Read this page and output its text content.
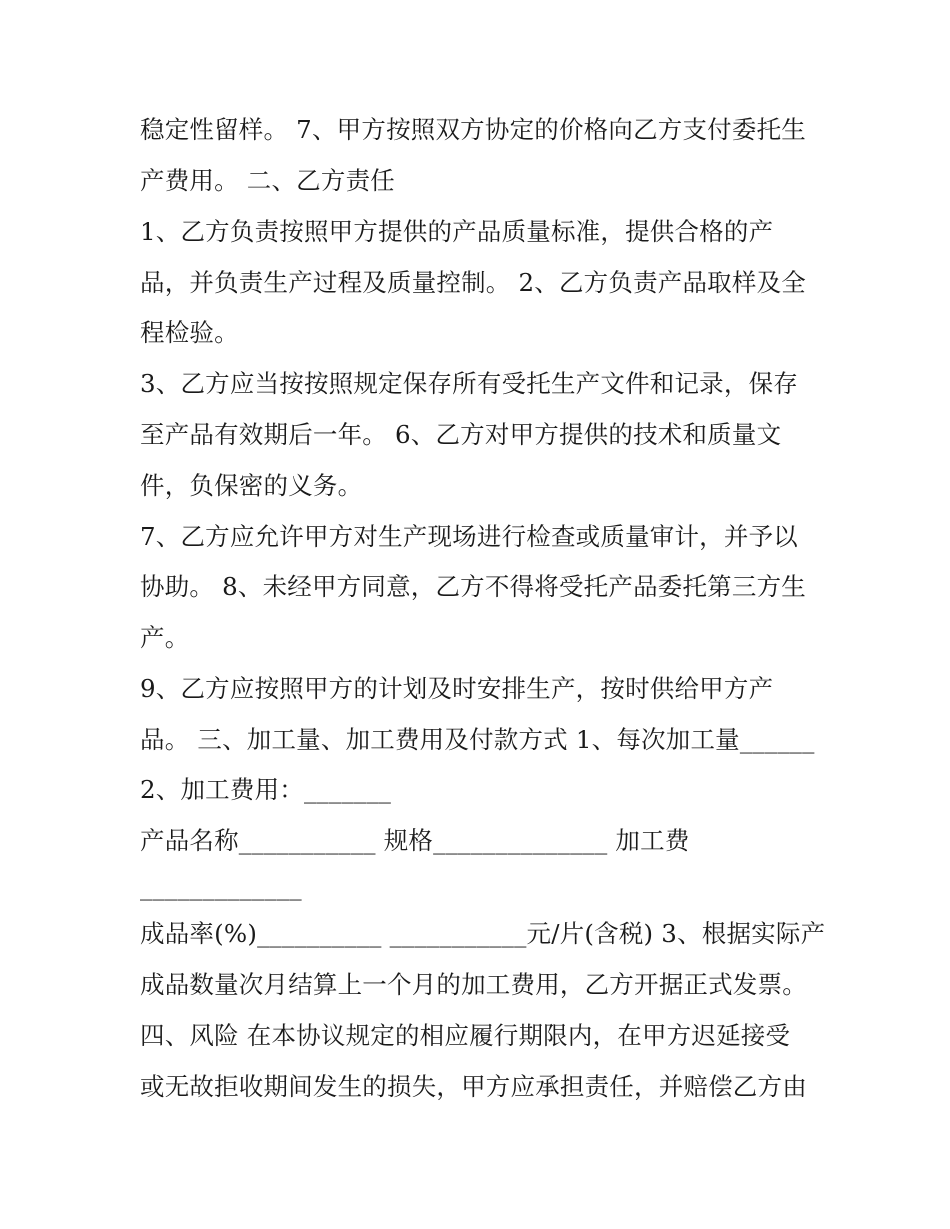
稳定性留样。 7、甲方按照双方协定的价格向乙方支付委托生
产费用。 二、乙方责任
1、乙方负责按照甲方提供的产品质量标准，提供合格的产
品，并负责生产过程及质量控制。 2、乙方负责产品取样及全
程检验。
3、乙方应当按按照规定保存所有受托生产文件和记录，保存
至产品有效期后一年。 6、乙方对甲方提供的技术和质量文
件，负保密的义务。
7、乙方应允许甲方对生产现场进行检查或质量审计，并予以
协助。 8、未经甲方同意，乙方不得将受托产品委托第三方生
产。
9、乙方应按照甲方的计划及时安排生产，按时供给甲方产
品。 三、加工量、加工费用及付款方式 1、每次加工量______
2、加工费用：_______
产品名称___________ 规格______________ 加工费
_____________
成品率(%)__________ ___________元/片(含税) 3、根据实际产
成品数量次月结算上一个月的加工费用，乙方开据正式发票。
四、风险 在本协议规定的相应履行期限内，在甲方迟延接受
或无故拒收期间发生的损失，甲方应承担责任，并赔偿乙方由
